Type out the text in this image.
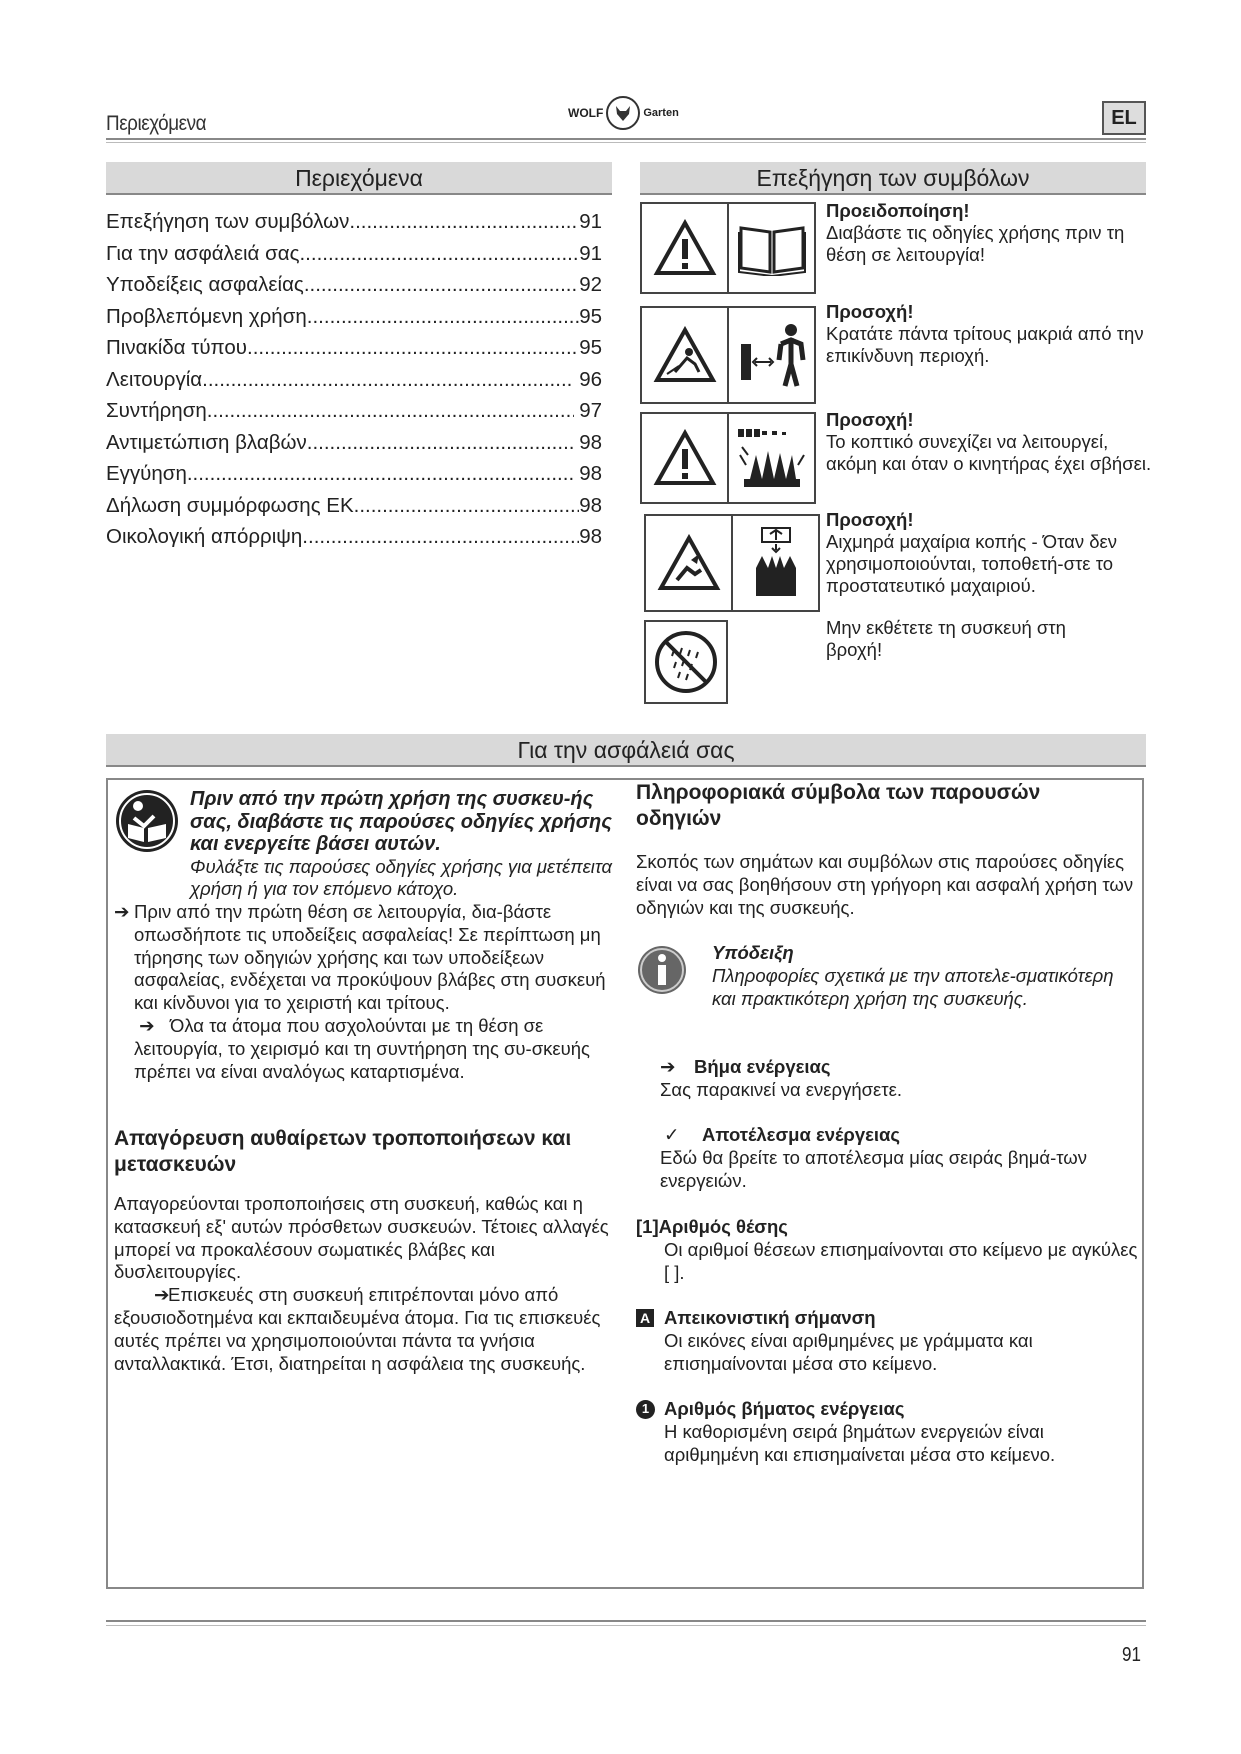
Περιεχόμενα	WOLF	Garten	EL
Περιεχόμενα
Επεξήγηση των συμβόλων .....	91
Για την ασφάλειά σας .....	91
Υποδείξεις ασφαλείας .....	92
Προβλεπόμενη χρήση .....	95
Πινακίδα τύπου .....	95
Λειτουργία .....	96
Συντήρηση .....	97
Αντιμετώπιση βλαβών .....	98
Εγγύηση .....	98
Δήλωση συμμόρφωσης ΕΚ .....	98
Οικολογική απόρριψη .....	98
Επεξήγηση των συμβόλων
Προειδοποίηση!
Διαβάστε τις οδηγίες χρήσης πριν τη θέση σε λειτουργία!
Προσοχή!
Κρατάτε πάντα τρίτους μακριά από την επικίνδυνη περιοχή.
Προσοχή!
Το κοπτικό συνεχίζει να λειτουργεί, ακόμη και όταν ο κινητήρας έχει σβήσει.
Προσοχή!
Αιχμηρά μαχαίρια κοπής - Όταν δεν χρησιμοποιούνται, τοποθετή-στε το προστατευτικό μαχαιριού.
Μην εκθέτετε τη συσκευή στη βροχή!
Για την ασφάλειά σας
Πριν από την πρώτη χρήση της συσκευ-ής σας, διαβάστε τις παρούσες οδηγίες χρήσης και ενεργείτε βάσει αυτών.
Φυλάξτε τις παρούσες οδηγίες χρήσης για μετέπειτα χρήση ή για τον επόμενο κάτοχο.
➔ Πριν από την πρώτη θέση σε λειτουργία, δια-βάστε οπωσδήποτε τις υποδείξεις ασφαλείας! Σε περίπτωση μη τήρησης των οδηγιών χρήσης και των υποδείξεων ασφαλείας, ενδέχεται να προκύψουν βλάβες στη συσκευή και κίνδυνοι για το χειριστή και τρίτους.
➔ Όλα τα άτομα που ασχολούνται με τη θέση σε λειτουργία, το χειρισμό και τη συντήρηση της συ-σκευής πρέπει να είναι αναλόγως καταρτισμένα.
Απαγόρευση αυθαίρετων τροποποιήσεων και μετασκευών
Απαγορεύονται τροποποιήσεις στη συσκευή, καθώς και η κατασκευή εξ' αυτών πρόσθετων συσκευών. Τέτοιες αλλαγές μπορεί να προκαλέσουν σωματικές βλάβες και δυσλειτουργίες.
➔Επισκευές στη συσκευή επιτρέπονται μόνο από εξουσιοδοτημένα και εκπαιδευμένα άτομα. Για τις επισκευές αυτές πρέπει να χρησιμοποιούνται πάντα τα γνήσια ανταλλακτικά. Έτσι, διατηρείται η ασφάλεια της συσκευής.
Πληροφοριακά σύμβολα των παρουσών οδηγιών
Σκοπός των σημάτων και συμβόλων στις παρούσες οδηγίες είναι να σας βοηθήσουν στη γρήγορη και ασφαλή χρήση των οδηγιών και της συσκευής.
Υπόδειξη
Πληροφορίες σχετικά με την αποτελε-σματικότερη και πρακτικότερη χρήση της συσκευής.
➔ Βήμα ενέργειας
Σας παρακινεί να ενεργήσετε.
✓ Αποτέλεσμα ενέργειας
Εδώ θα βρείτε το αποτέλεσμα μίας σειράς βημά-των ενεργειών.
[1]Αριθμός θέσης
Οι αριθμοί θέσεων επισημαίνονται στο κείμενο με αγκύλες [ ].
A Απεικονιστική σήμανση
Οι εικόνες είναι αριθμημένες με γράμματα και επισημαίνονται μέσα στο κείμενο.
1 Αριθμός βήματος ενέργειας
Η καθορισμένη σειρά βημάτων ενεργειών είναι αριθμημένη και επισημαίνεται μέσα στο κείμενο.
91
